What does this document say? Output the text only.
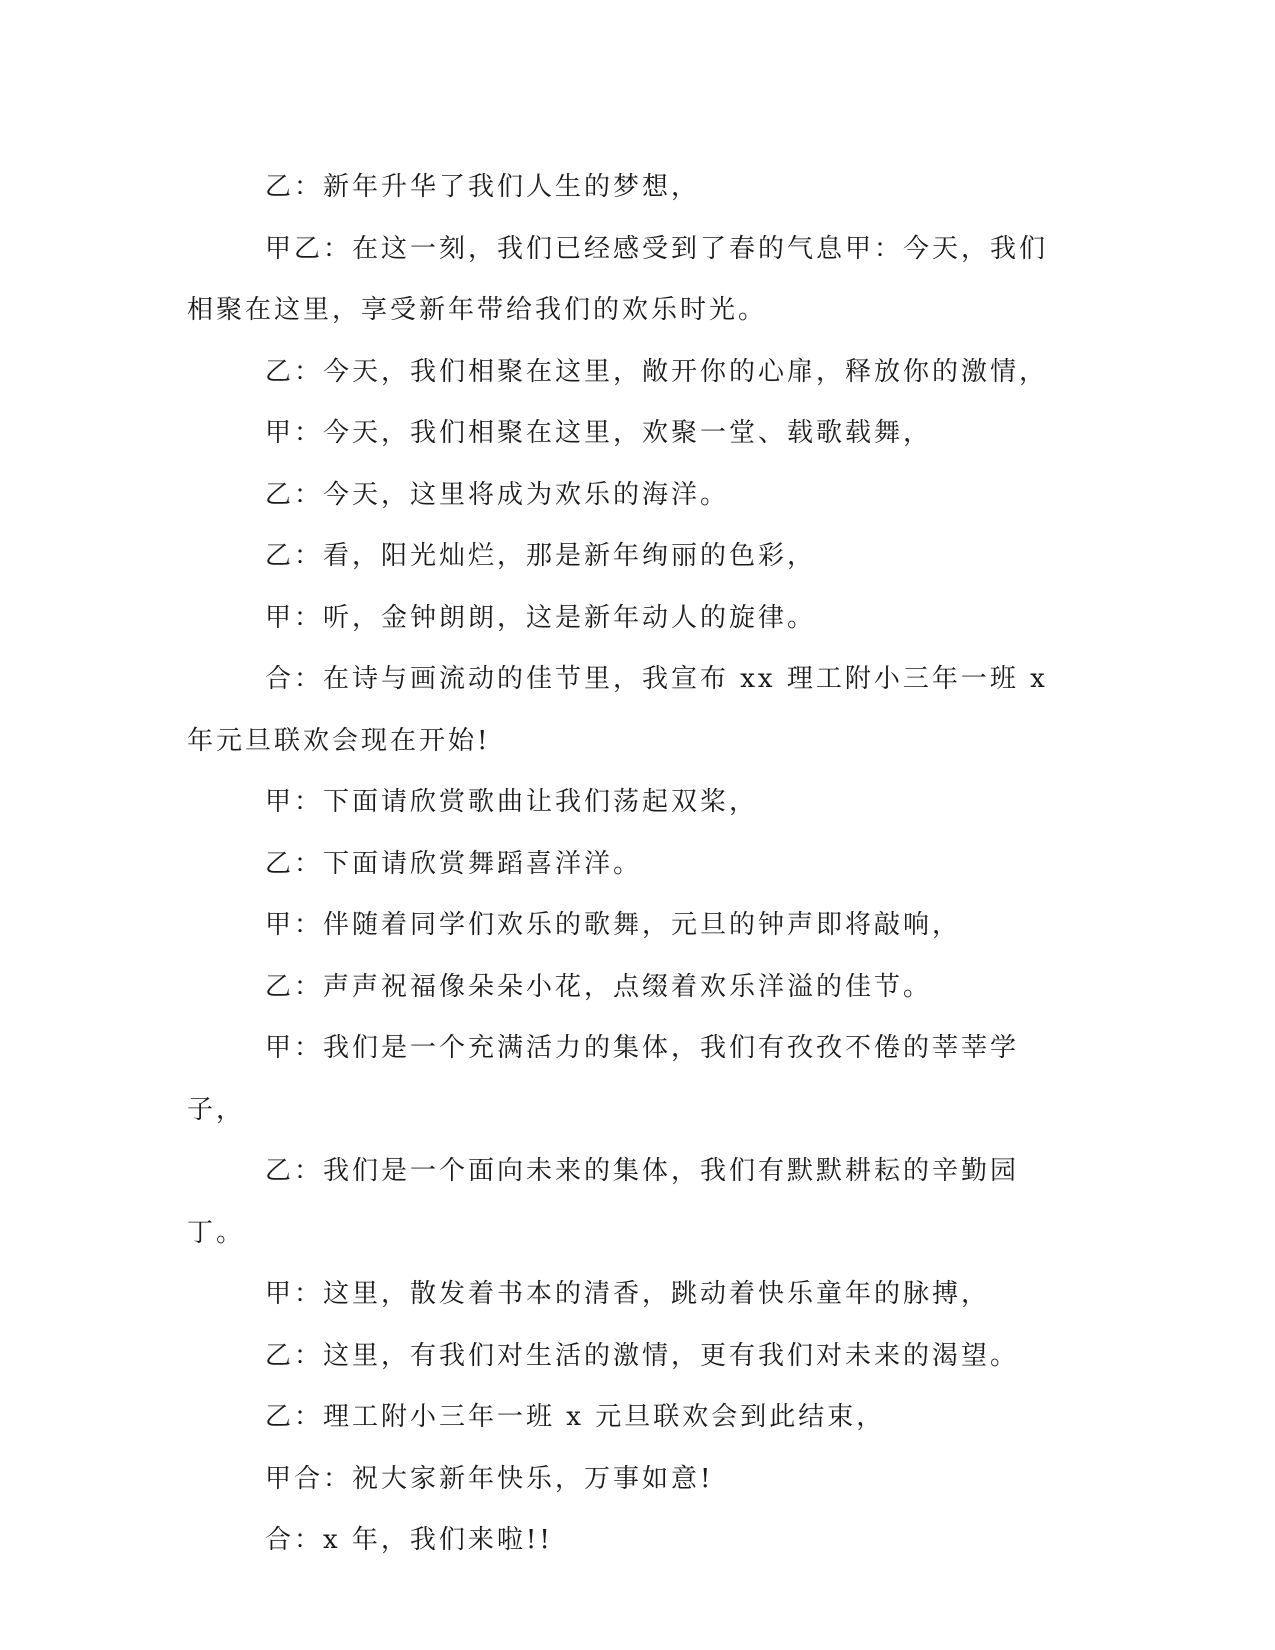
乙：新年升华了我们人生的梦想，

甲乙：在这一刻，我们已经感受到了春的气息甲：今天，我们相聚在这里，享受新年带给我们的欢乐时光。

乙：今天，我们相聚在这里，敞开你的心扉，释放你的激情，

甲：今天，我们相聚在这里，欢聚一堂、载歌载舞，

乙：今天，这里将成为欢乐的海洋。

乙：看，阳光灿烂，那是新年绚丽的色彩，

甲：听，金钟朗朗，这是新年动人的旋律。

合：在诗与画流动的佳节里，我宣布 xx 理工附小三年一班 x 年元旦联欢会现在开始!

甲：下面请欣赏歌曲让我们荡起双桨，

乙：下面请欣赏舞蹈喜洋洋。

甲：伴随着同学们欢乐的歌舞，元旦的钟声即将敲响，

乙：声声祝福像朵朵小花，点缀着欢乐洋溢的佳节。

甲：我们是一个充满活力的集体，我们有孜孜不倦的莘莘学子，

乙：我们是一个面向未来的集体，我们有默默耕耘的辛勤园丁。

甲：这里，散发着书本的清香，跳动着快乐童年的脉搏，

乙：这里，有我们对生活的激情，更有我们对未来的渴望。

乙：理工附小三年一班 x 元旦联欢会到此结束，

甲合：祝大家新年快乐，万事如意!

合：x 年，我们来啦!!
